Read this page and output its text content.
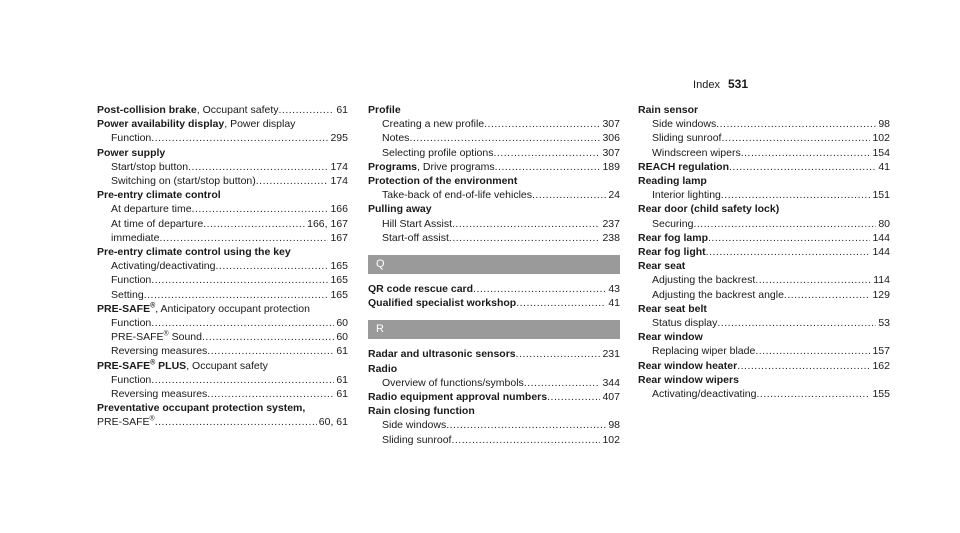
Index 531
Post-collision brake, Occupant safety .....	61
Power availability display, Power display
Function .....	295
Power supply
Start/stop button .....	174
Switching on (start/stop button) .....	174
Pre-entry climate control
At departure time .....	166
At time of departure .....	166, 167
immediate .....	167
Pre-entry climate control using the key
Activating/deactivating .....	165
Function .....	165
Setting .....	165
PRE-SAFE®, Anticipatory occupant protection
Function .....	60
PRE-SAFE® Sound .....	60
Reversing measures .....	61
PRE-SAFE® PLUS, Occupant safety
Function .....	61
Reversing measures .....	61
Preventative occupant protection system,
PRE-SAFE® .....	60, 61
Profile
Creating a new profile .....	307
Notes .....	306
Selecting profile options .....	307
Programs, Drive programs .....	189
Protection of the environment
Take-back of end-of-life vehicles .....	24
Pulling away
Hill Start Assist .....	237
Start-off assist .....	238
Q
QR code rescue card .....	43
Qualified specialist workshop .....	41
R
Radar and ultrasonic sensors .....	231
Radio
Overview of functions/symbols .....	344
Radio equipment approval numbers .....	407
Rain closing function
Side windows .....	98
Sliding sunroof .....	102
Rain sensor
Side windows .....	98
Sliding sunroof .....	102
Windscreen wipers .....	154
REACH regulation .....	41
Reading lamp
Interior lighting .....	151
Rear door (child safety lock)
Securing .....	80
Rear fog lamp .....	144
Rear fog light .....	144
Rear seat
Adjusting the backrest .....	114
Adjusting the backrest angle .....	129
Rear seat belt
Status display .....	53
Rear window
Replacing wiper blade .....	157
Rear window heater .....	162
Rear window wipers
Activating/deactivating .....	155
